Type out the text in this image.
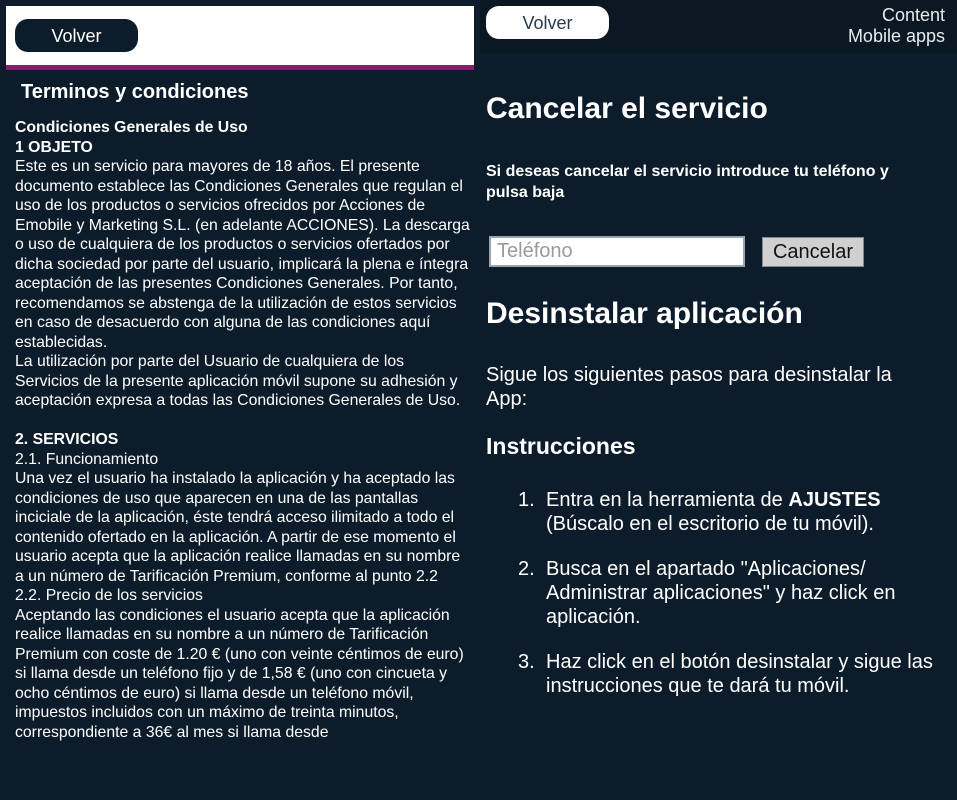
Volver
Terminos y condiciones
Condiciones Generales de Uso
1 OBJETO
Este es un servicio para mayores de 18 años. El presente documento establece las Condiciones Generales que regulan el uso de los productos o servicios ofrecidos por Acciones de Emobile y Marketing S.L. (en adelante ACCIONES). La descarga o uso de cualquiera de los productos o servicios ofertados por dicha sociedad por parte del usuario, implicará la plena e íntegra aceptación de las presentes Condiciones Generales. Por tanto, recomendamos se abstenga de la utilización de estos servicios en caso de desacuerdo con alguna de las condiciones aquí establecidas.
La utilización por parte del Usuario de cualquiera de los Servicios de la presente aplicación móvil supone su adhesión y aceptación expresa a todas las Condiciones Generales de Uso.
2. SERVICIOS
2.1. Funcionamiento
Una vez el usuario ha instalado la aplicación y ha aceptado las condiciones de uso que aparecen en una de las pantallas inciciale de la aplicación, éste tendrá acceso ilimitado a todo el contenido ofertado en la aplicación. A partir de ese momento el usuario acepta que la aplicación realice llamadas en su nombre a un número de Tarificación Premium, conforme al punto 2.2
2.2. Precio de los servicios
Aceptando las condiciones el usuario acepta que la aplicación realice llamadas en su nombre a un número de Tarificación Premium con coste de 1.20 € (uno con veinte céntimos de euro) si llama desde un teléfono fijo y de 1,58 € (uno con cincueta y ocho céntimos de euro) si llama desde un teléfono móvil, impuestos incluidos con un máximo de treinta minutos, correspondiente a 36€ al mes si llama desde
Volver	Content
Mobile apps
Cancelar el servicio
Si deseas cancelar el servicio introduce tu teléfono y pulsa baja
Teléfono
Cancelar
Desinstalar aplicación
Sigue los siguientes pasos para desinstalar la App:
Instrucciones
1. Entra en la herramienta de AJUSTES (Búscalo en el escritorio de tu móvil).
2. Busca en el apartado "Aplicaciones/ Administrar aplicaciones" y haz click en aplicación.
3. Haz click en el botón desinstalar y sigue las instrucciones que te dará tu móvil.
